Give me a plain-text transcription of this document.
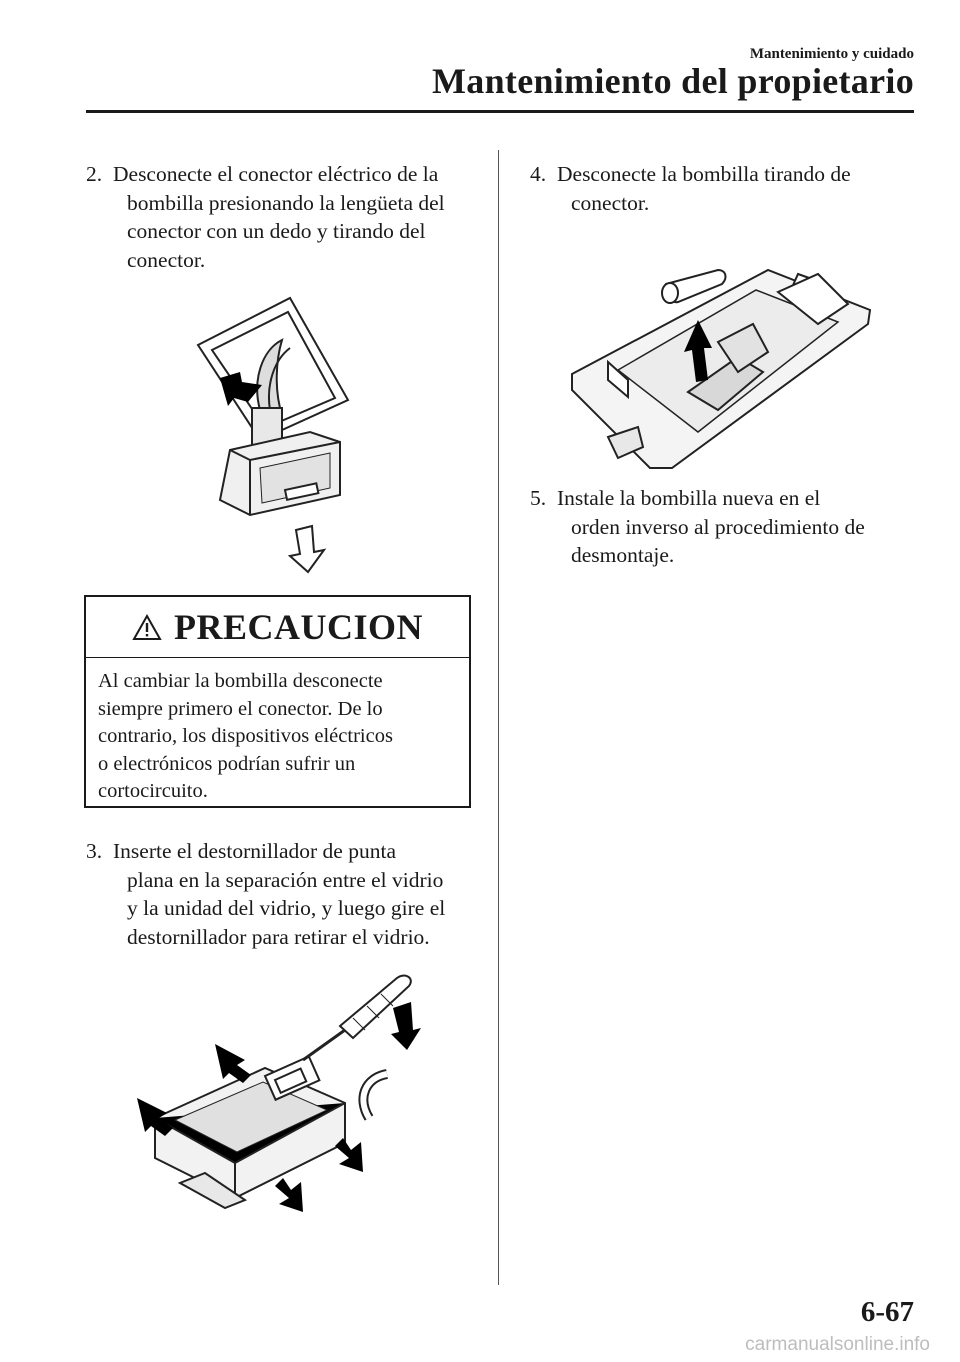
Mantenimiento y cuidado
Mantenimiento del propietario
2. Desconecte el conector eléctrico de la
bombilla presionando la lengüeta del
conector con un dedo y tirando del
conector.
PRECAUCION
Al cambiar la bombilla desconecte
siempre primero el conector. De lo
contrario, los dispositivos eléctricos
o electrónicos podrían sufrir un
cortocircuito.
3. Inserte el destornillador de punta
plana en la separación entre el vidrio
y la unidad del vidrio, y luego gire el
destornillador para retirar el vidrio.
4. Desconecte la bombilla tirando de
conector.
5. Instale la bombilla nueva en el
orden inverso al procedimiento de
desmontaje.
6-67
carmanualsonline.info
